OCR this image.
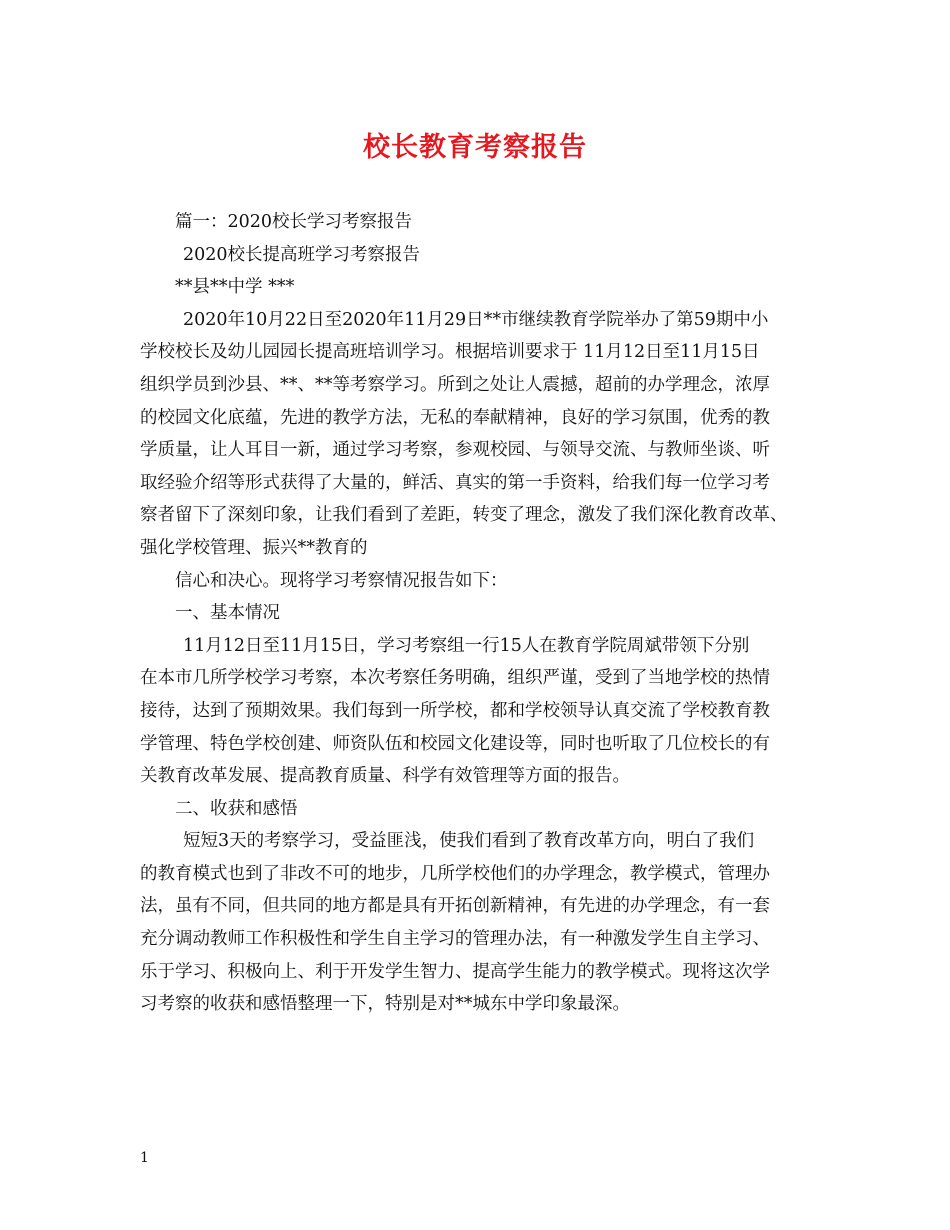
校长教育考察报告
篇一：2020校长学习考察报告
2020校长提高班学习考察报告
**县**中学 ***
2020年10月22日至2020年11月29日**市继续教育学院举办了第59期中小
学校校长及幼儿园园长提高班培训学习。根据培训要求于 11月12日至11月15日
组织学员到沙县、**、**等考察学习。所到之处让人震撼，超前的办学理念，浓厚
的校园文化底蕴，先进的教学方法，无私的奉献精神，良好的学习氛围，优秀的教
学质量，让人耳目一新，通过学习考察，参观校园、与领导交流、与教师坐谈、听
取经验介绍等形式获得了大量的，鲜活、真实的第一手资料，给我们每一位学习考
察者留下了深刻印象，让我们看到了差距，转变了理念，激发了我们深化教育改革、
强化学校管理、振兴**教育的
信心和决心。现将学习考察情况报告如下：
一、基本情况
11月12日至11月15日，学习考察组一行15人在教育学院周斌带领下分别
在本市几所学校学习考察，本次考察任务明确，组织严谨，受到了当地学校的热情
接待，达到了预期效果。我们每到一所学校，都和学校领导认真交流了学校教育教
学管理、特色学校创建、师资队伍和校园文化建设等，同时也听取了几位校长的有
关教育改革发展、提高教育质量、科学有效管理等方面的报告。
二、收获和感悟
短短3天的考察学习，受益匪浅，使我们看到了教育改革方向，明白了我们
的教育模式也到了非改不可的地步，几所学校他们的办学理念，教学模式，管理办
法，虽有不同，但共同的地方都是具有开拓创新精神，有先进的办学理念，有一套
充分调动教师工作积极性和学生自主学习的管理办法，有一种激发学生自主学习、
乐于学习、积极向上、利于开发学生智力、提高学生能力的教学模式。现将这次学
习考察的收获和感悟整理一下，特别是对**城东中学印象最深。
1
